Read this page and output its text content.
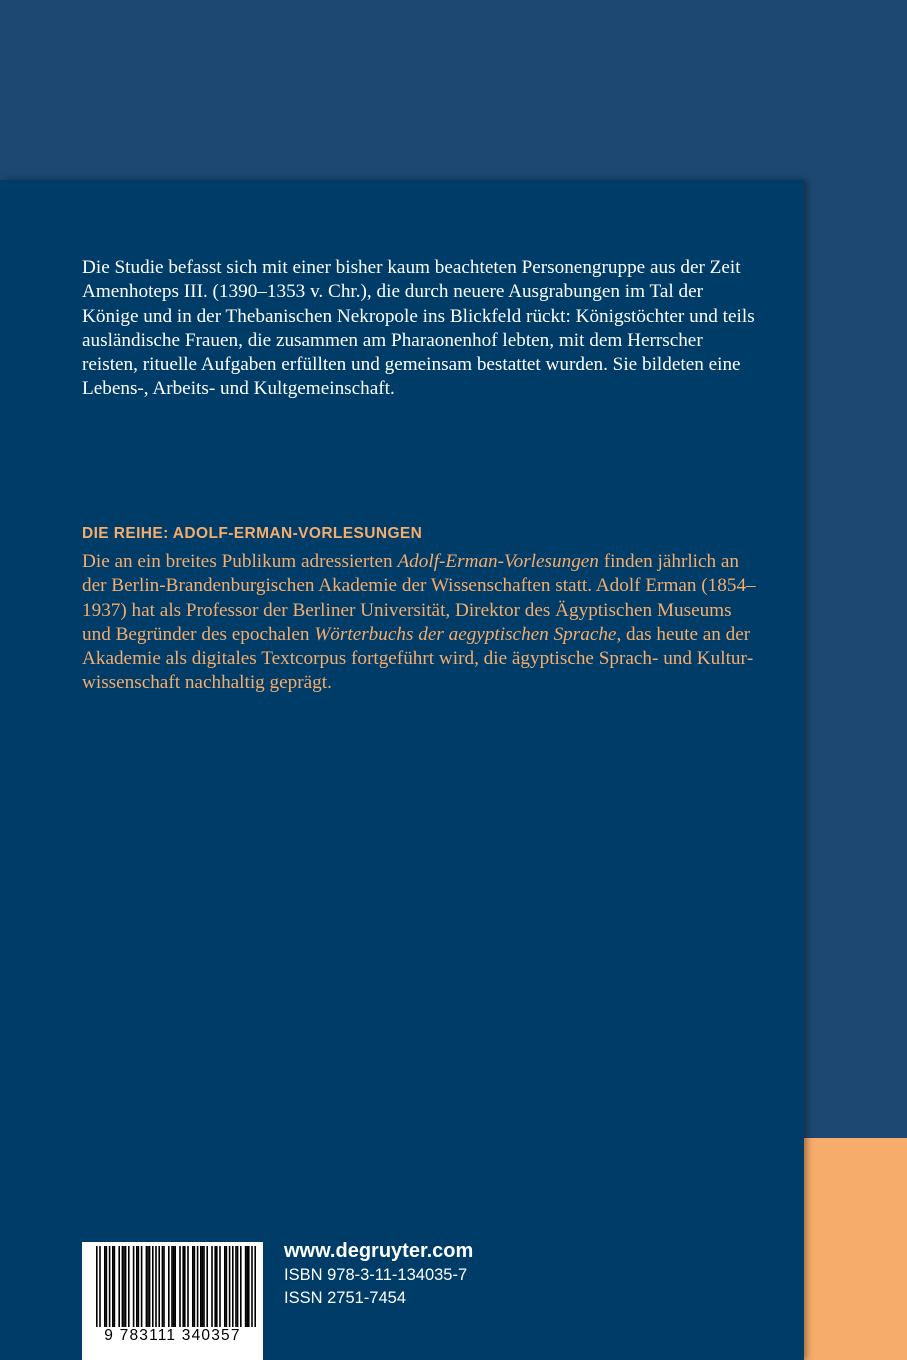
Die Studie befasst sich mit einer bisher kaum beachteten Personengruppe aus der Zeit Amenhoteps III. (1390–1353 v. Chr.), die durch neuere Ausgrabungen im Tal der Könige und in der Thebanischen Nekropole ins Blickfeld rückt: Königstöchter und teils ausländische Frauen, die zusammen am Pharaonenhof lebten, mit dem Herrscher reisten, rituelle Aufgaben erfüllten und gemeinsam bestattet wurden. Sie bildeten eine Lebens-, Arbeits- und Kultgemeinschaft.

DIE REIHE: ADOLF-ERMAN-VORLESUNGEN

Die an ein breites Publikum adressierten Adolf-Erman-Vorlesungen finden jährlich an der Berlin-Brandenburgischen Akademie der Wissenschaften statt. Adolf Erman (1854–1937) hat als Professor der Berliner Universität, Direktor des Ägyptischen Museums und Begründer des epochalen Wörterbuchs der aegyptischen Sprache, das heute an der Akademie als digitales Textcorpus fortgeführt wird, die ägyptische Sprach- und Kulturwissenschaft nachhaltig geprägt.

9 783111 340357

www.degruyter.com

ISBN 978-3-11-134035-7

ISSN 2751-7454
